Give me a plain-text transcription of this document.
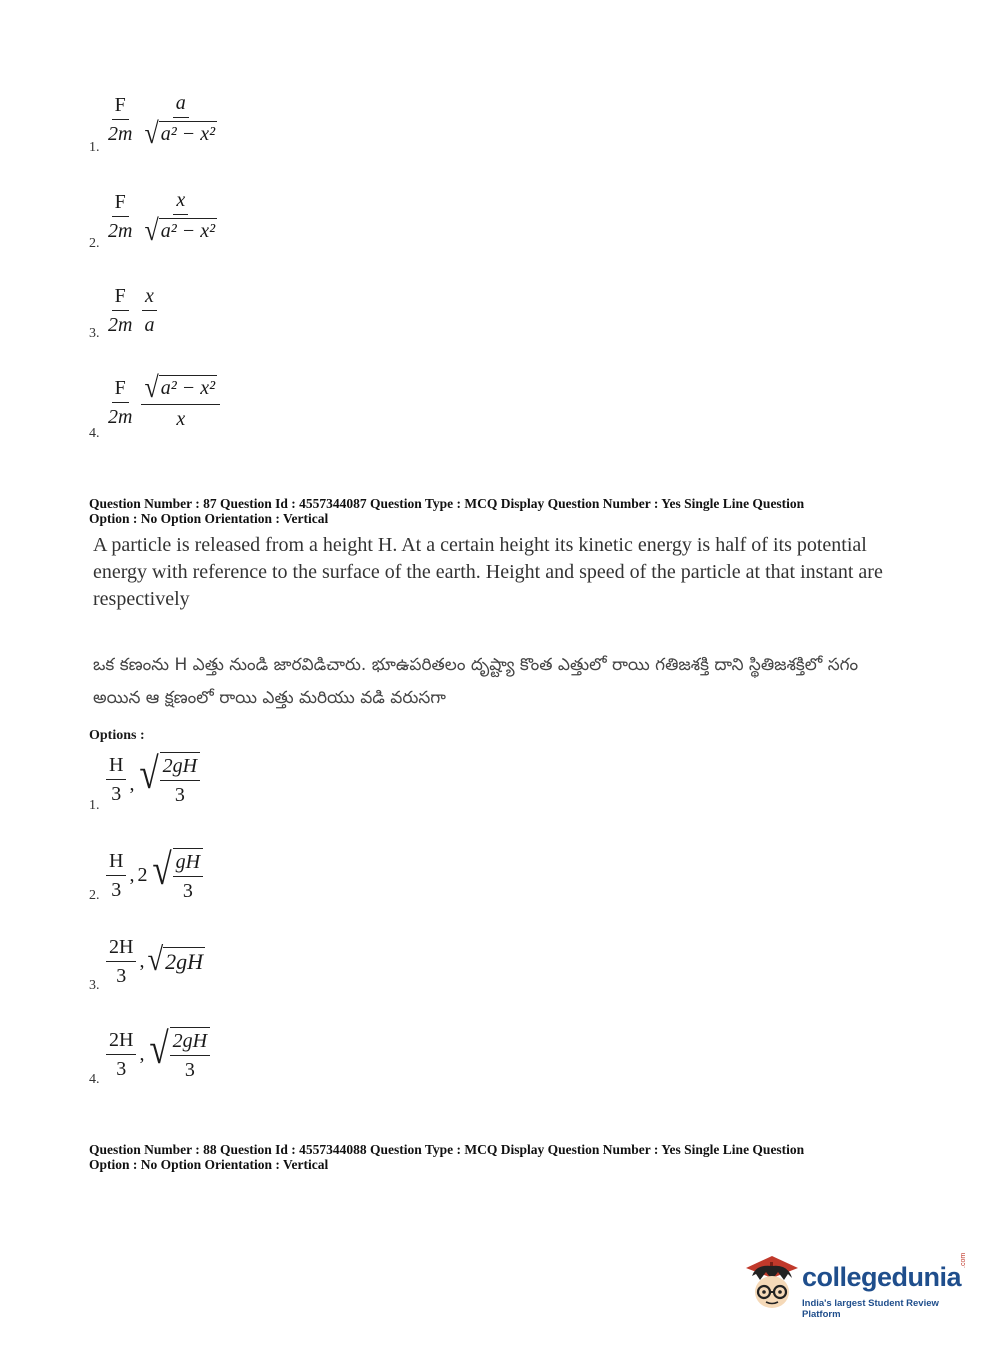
1.
$\frac{F}{2m} \frac{a}{\text{√ a² − x²}}$
2.
$\frac{F}{2m} \frac{x}{\text{√ a² − x²}}$
3. $\frac{F}{2m} \frac{x}{a}$
4.
$\frac{F}{2m} \frac{\text{√ a² − x²}}{x}$
Question Number : 87 Question Id : 4557344087 Question Type : MCQ Display Question Number : Yes Single Line Question
Option : No Option Orientation : Vertical
A particle is released from a height H. At a certain height its kinetic energy is half of its potential energy with reference to the surface of the earth. Height and speed of the particle at that instant are respectively
ఒక కణంను H ఎత్తు నుండి జారవిడిచారు. భూఉపరితలం దృష్ట్యా కొంత ఎత్తులో రాయి గతిజశక్తి దాని స్థితిజశక్తిలో సగం అయిన ఆ క్షణంలో రాయి ఎత్తు మరియు వడి వరుసగా
Options :
1.
$\frac{H}{3}$ , √ $\frac{2gH}{3}$
2. $\frac{H}{3}$ , 2 √ $\frac{gH}{3}$
3. $\frac{2H}{3}$ , √ 2gH
4. $\frac{2H}{3}$ , √ $\frac{2gH}{3}$
Question Number : 88 Question Id : 4557344088 Question Type : MCQ Display Question Number : Yes Single Line Question
Option : No Option Orientation : Vertical
collegedunia
.com
India's largest Student Review Platform
